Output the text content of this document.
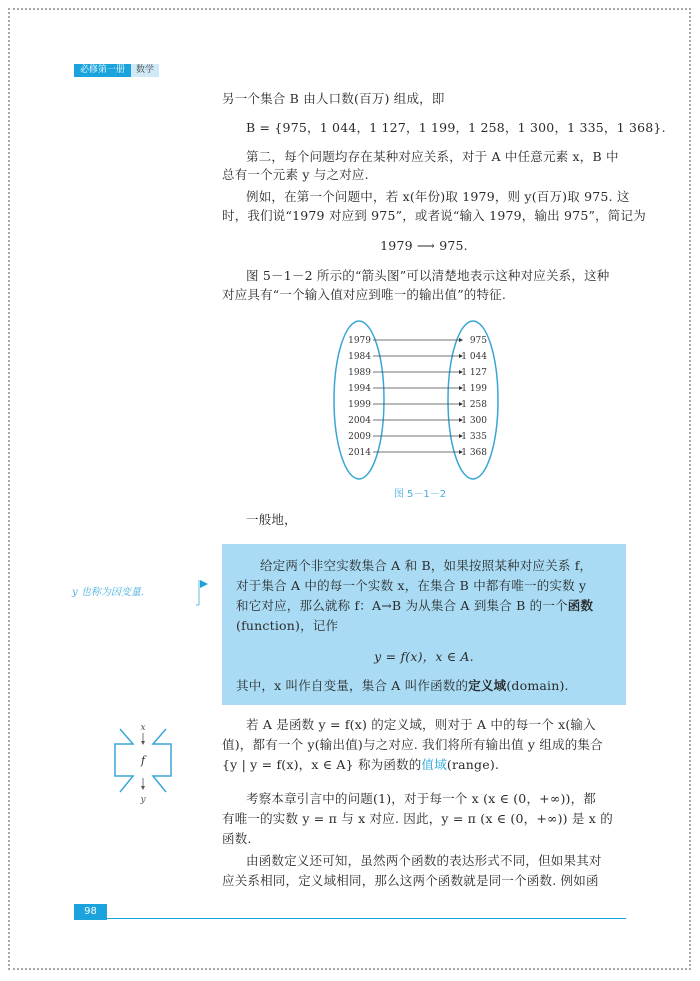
必修第一册	数学
另一个集合 B 由人口数(百万) 组成，即
B = {975，1 044，1 127，1 199，1 258，1 300，1 335，1 368}.
第二，每个问题均存在某种对应关系，对于 A 中任意元素 x，B 中
总有一个元素 y 与之对应.
例如，在第一个问题中，若 x(年份)取 1979，则 y(百万)取 975. 这
时，我们说“1979 对应到 975”，或者说“输入 1979，输出 975”，简记为
1979 ⟶ 975.
图 5－1－2 所示的“箭头图”可以清楚地表示这种对应关系，这种
对应具有“一个输入值对应到唯一的输出值”的特征.
1979	975
1984	1 044
1989	1 127
1994	1 199
1999	1 258
2004	1 300
2009	1 335
2014	1 368
图 5－1－2
一般地，
y 也称为因变量.
给定两个非空实数集合 A 和 B，如果按照某种对应关系 f，
对于集合 A 中的每一个实数 x，在集合 B 中都有唯一的实数 y
和它对应，那么就称 f：A→B 为从集合 A 到集合 B 的一个函数
(function)，记作
y = f(x)，x ∈ A.
其中，x 叫作自变量，集合 A 叫作函数的定义域(domain).
x
f
y
若 A 是函数 y = f(x) 的定义域，则对于 A 中的每一个 x(输入
值)，都有一个 y(输出值)与之对应. 我们将所有输出值 y 组成的集合
{y | y = f(x)，x ∈ A} 称为函数的值域(range).
考察本章引言中的问题(1)，对于每一个 x (x ∈ (0，+∞))，都
有唯一的实数 y = π 与 x 对应. 因此，y = π (x ∈ (0，+∞)) 是 x 的
函数.
由函数定义还可知，虽然两个函数的表达形式不同，但如果其对
应关系相同，定义域相同，那么这两个函数就是同一个函数. 例如函
98
